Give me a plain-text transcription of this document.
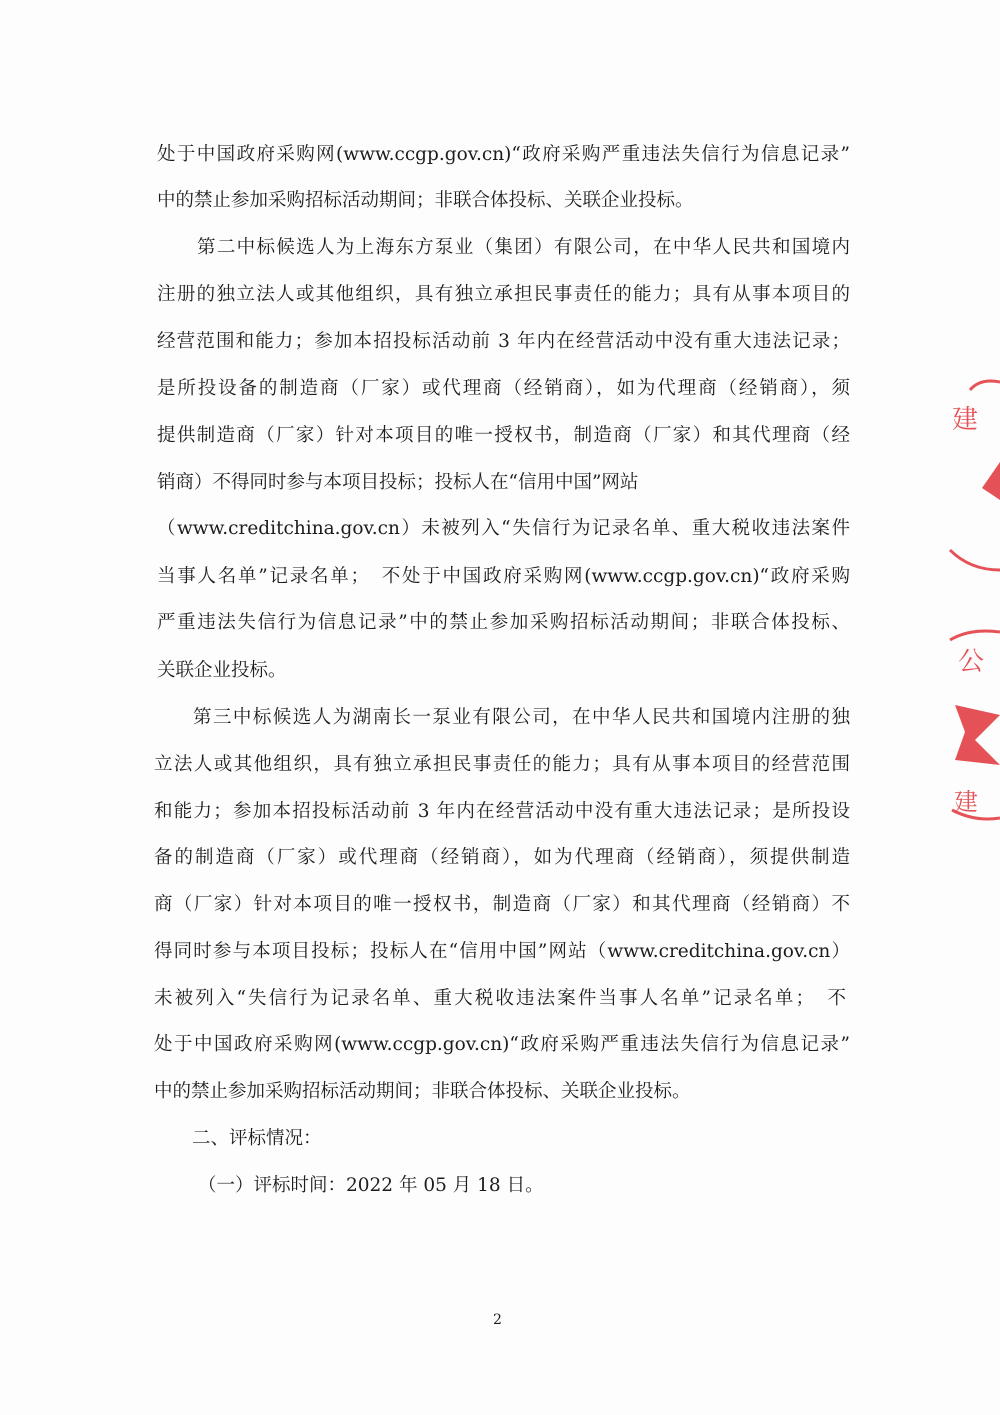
处于中国政府采购网(www.ccgp.gov.cn)“政府采购严重违法失信行为信息记录”
中的禁止参加采购招标活动期间；非联合体投标、关联企业投标。
第二中标候选人为上海东方泵业（集团）有限公司，在中华人民共和国境内
注册的独立法人或其他组织，具有独立承担民事责任的能力；具有从事本项目的
经营范围和能力；参加本招投标活动前 3 年内在经营活动中没有重大违法记录；
是所投设备的制造商（厂家）或代理商（经销商），如为代理商（经销商），须
提供制造商（厂家）针对本项目的唯一授权书，制造商（厂家）和其代理商（经
销商）不得同时参与本项目投标；投标人在“信用中国”网站
（www.creditchina.gov.cn）未被列入“失信行为记录名单、重大税收违法案件
当事人名单”记录名单；　不处于中国政府采购网(www.ccgp.gov.cn)“政府采购
严重违法失信行为信息记录”中的禁止参加采购招标活动期间；非联合体投标、
关联企业投标。
第三中标候选人为湖南长一泵业有限公司，在中华人民共和国境内注册的独
立法人或其他组织，具有独立承担民事责任的能力；具有从事本项目的经营范围
和能力；参加本招投标活动前 3 年内在经营活动中没有重大违法记录；是所投设
备的制造商（厂家）或代理商（经销商），如为代理商（经销商），须提供制造
商（厂家）针对本项目的唯一授权书，制造商（厂家）和其代理商（经销商）不
得同时参与本项目投标；投标人在“信用中国”网站（www.creditchina.gov.cn）
未被列入“失信行为记录名单、重大税收违法案件当事人名单”记录名单；　不
处于中国政府采购网(www.ccgp.gov.cn)“政府采购严重违法失信行为信息记录”
中的禁止参加采购招标活动期间；非联合体投标、关联企业投标。
二、评标情况：
（一）评标时间：2022 年 05 月 18 日。
2
建
公
建
